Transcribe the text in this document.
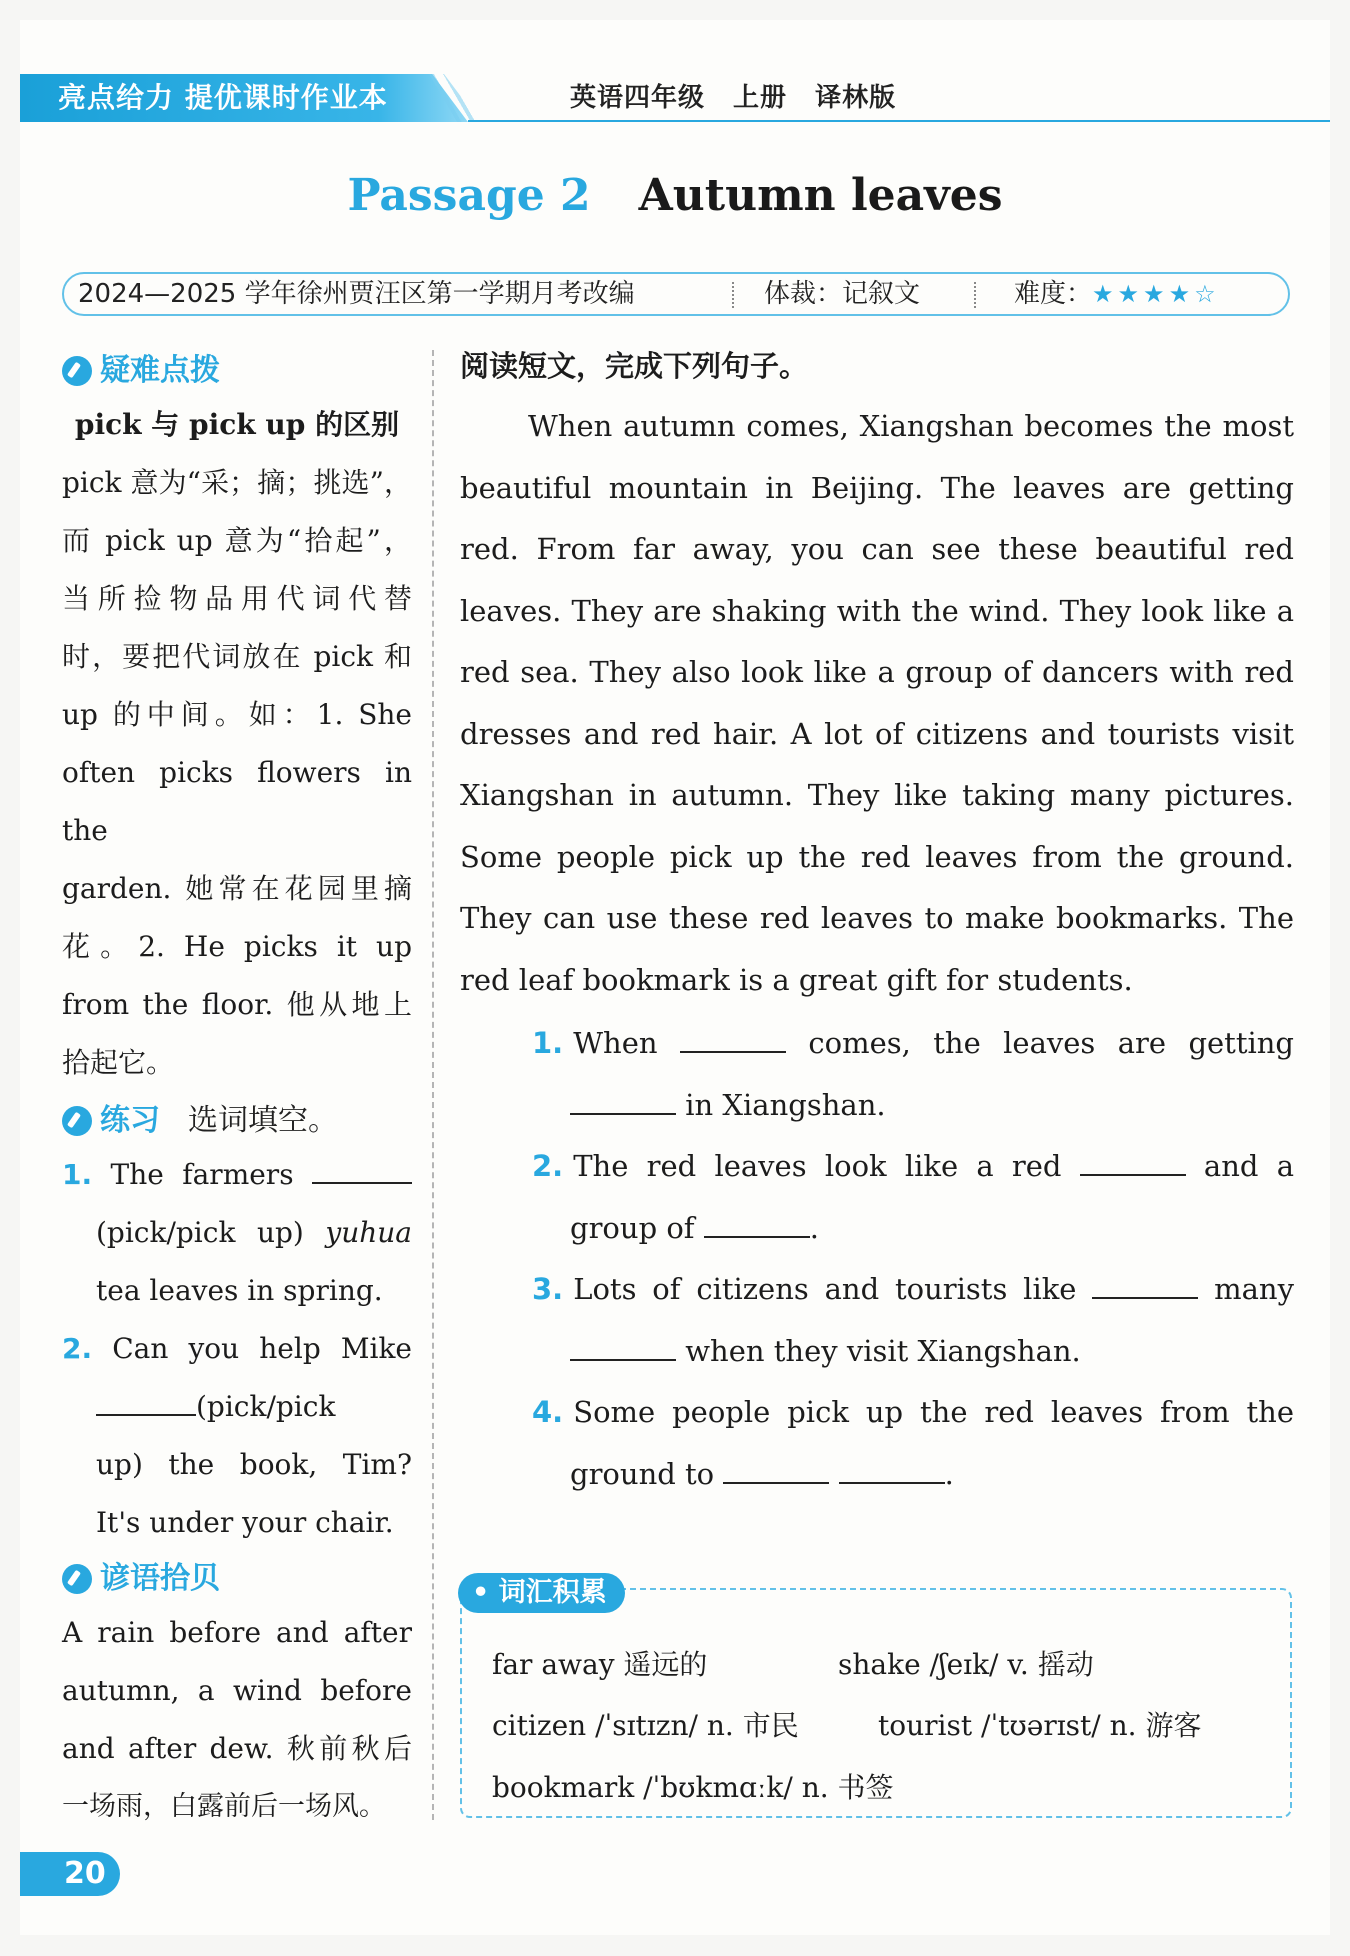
亮点给力 提优课时作业本	英语四年级 上册 译林版
Passage 2 Autumn leaves
2024—2025 学年徐州贾汪区第一学期月考改编	体裁：记叙文	难度：★★★★☆
疑难点拨
pick 与 pick up 的区别
pick 意为“采；摘；挑选”，
而 pick up 意为“拾起”，
当所捡物品用代词代替
时，要把代词放在 pick 和
up 的中间。如：1. She
often picks flowers in the
garden. 她常在花园里摘
花。2. He picks it up
from the floor. 他从地上
拾起它。
练习 选词填空。
1. The farmers
(pick/pick up) yuhua
tea leaves in spring.
2. Can you help Mike
(pick/pick
up) the book, Tim?
It's under your chair.
谚语拾贝
A rain before and after
autumn, a wind before
and after dew. 秋前秋后
一场雨，白露前后一场风。
阅读短文，完成下列句子。
When autumn comes, Xiangshan becomes the most beautiful mountain in Beijing. The leaves are getting red. From far away, you can see these beautiful red leaves. They are shaking with the wind. They look like a red sea. They also look like a group of dancers with red dresses and red hair. A lot of citizens and tourists visit Xiangshan in autumn. They like taking many pictures. Some people pick up the red leaves from the ground. They can use these red leaves to make bookmarks. The red leaf bookmark is a great gift for students.
1. When	comes, the leaves are getting  in Xiangshan.
2. The red leaves look like a red	and a group of	.
3. Lots of citizens and tourists like	many  when they visit Xiangshan.
4. Some people pick up the red leaves from the ground to	.
• 词汇积累
far away 遥远的	shake /ʃeɪk/ v. 摇动
citizen /ˈsɪtɪzn/ n. 市民	tourist /ˈtʊərɪst/ n. 游客
bookmark /ˈbʊkmɑːk/ n. 书签
20
